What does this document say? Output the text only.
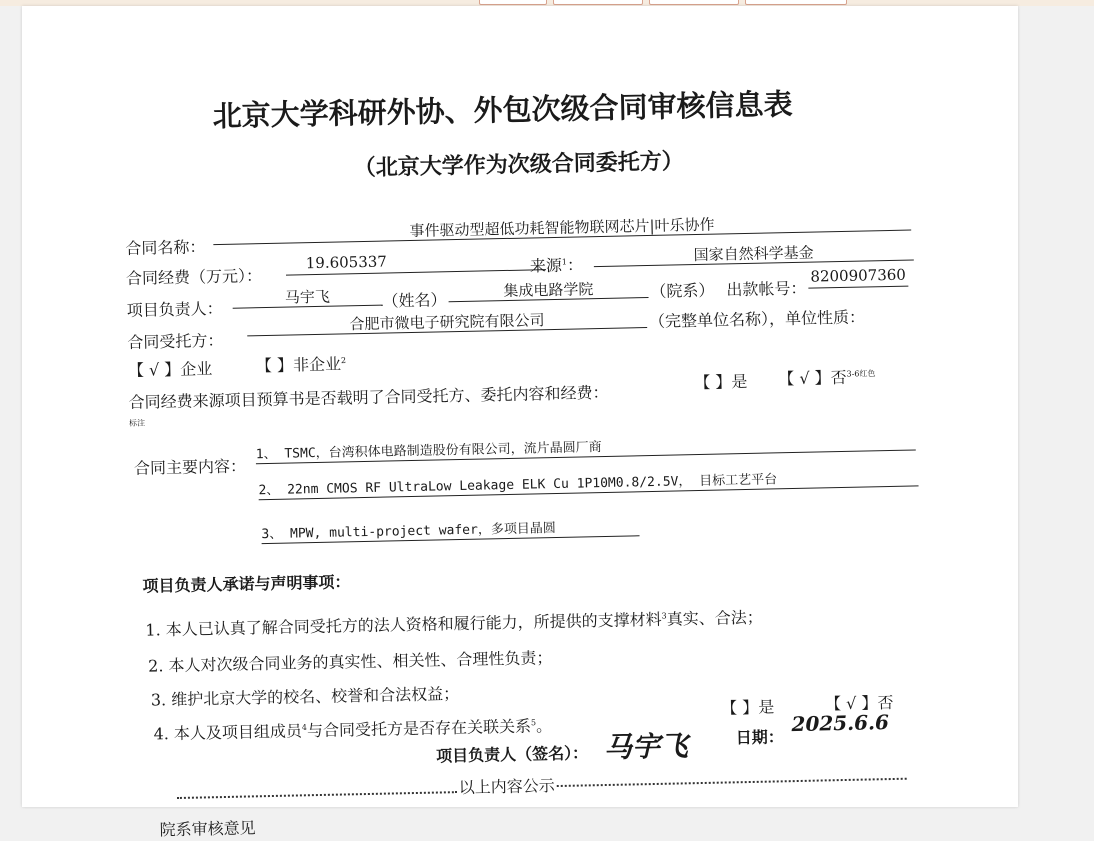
北京大学科研外协、外包次级合同审核信息表
（北京大学作为次级合同委托方）
合同名称：
事件驱动型超低功耗智能物联网芯片|叶乐协作
合同经费（万元）：
19.605337	来源$^1$：
国家自然科学基金
项目负责人：
马宇飞	（姓名）
集成电路学院	（院系） 出款帐号：
8200907360
合同受托方：
合肥市微电子研究院有限公司	（完整单位名称），单位性质：
【 √ 】企业	【 】非企业$^2$
合同经费来源项目预算书是否载明了合同受托方、委托内容和经费：
【 】是 【 √ 】否$^{3-6红色}$
标注
合同主要内容：
1、 TSMC，台湾积体电路制造股份有限公司，流片晶圆厂商
2、 22nm CMOS RF UltraLow Leakage ELK Cu 1P10M0.8/2.5V， 目标工艺平台
3、 MPW, multi-project wafer，多项目晶圆
项目负责人承诺与声明事项：
1. 本人已认真了解合同受托方的法人资格和履行能力，所提供的支撑材料$^3$真实、合法；
2. 本人对次级合同业务的真实性、相关性、合理性负责；
3. 维护北京大学的校名、校誉和合法权益；
4. 本人及项目组成员$^4$与合同受托方是否存在关联关系$^5$。
【 】是	【 √ 】否
项目负责人（签名）： 马宇飞	日期：
2025.6.6
以上内容公示
院系审核意见
